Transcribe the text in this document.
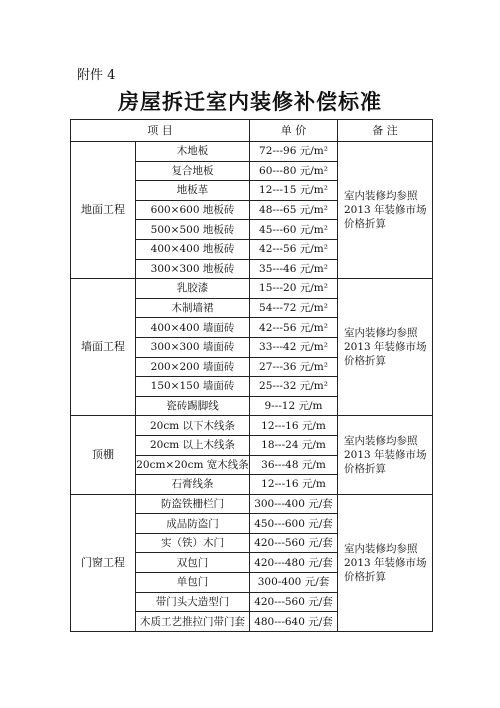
附件 4
房屋拆迁室内装修补偿标准
项 目		单 价	备 注
地面工程	木地板	72---96 元/m²	室内装修均参照2013 年装修市场价格折算
	复合地板	60---80 元/m²	
	地板革	12---15 元/m²	
	600×600 地板砖	48---65 元/m²	
	500×500 地板砖	45---60 元/m²	
	400×400 地板砖	42---56 元/m²	
	300×300 地板砖	35---46 元/m²	
墙面工程	乳胶漆	15---20 元/m²	室内装修均参照2013 年装修市场价格折算
	木制墙裙	54---72 元/m²	
	400×400 墙面砖	42---56 元/m²	
	300×300 墙面砖	33---42 元/m²	
	200×200 墙面砖	27---36 元/m²	
	150×150 墙面砖	25---32 元/m²	
	瓷砖踢脚线	9---12 元/m	
顶棚	20cm 以下木线条	12---16 元/m	室内装修均参照2013 年装修市场价格折算
	20cm 以上木线条	18---24 元/m	
	20cm×20cm 宽木线条	36---48 元/m	
	石膏线条	12---16 元/m	
门窗工程	防盗铁栅栏门	300---400 元/套	室内装修均参照2013 年装修市场价格折算
	成品防盗门	450---600 元/套	
	实（铁）木门	420---560 元/套	
	双包门	420---480 元/套	
	单包门	300-400 元/套	
	带门头大造型门	420---560 元/套	
	木质工艺推拉门带门套	480---640 元/套	
